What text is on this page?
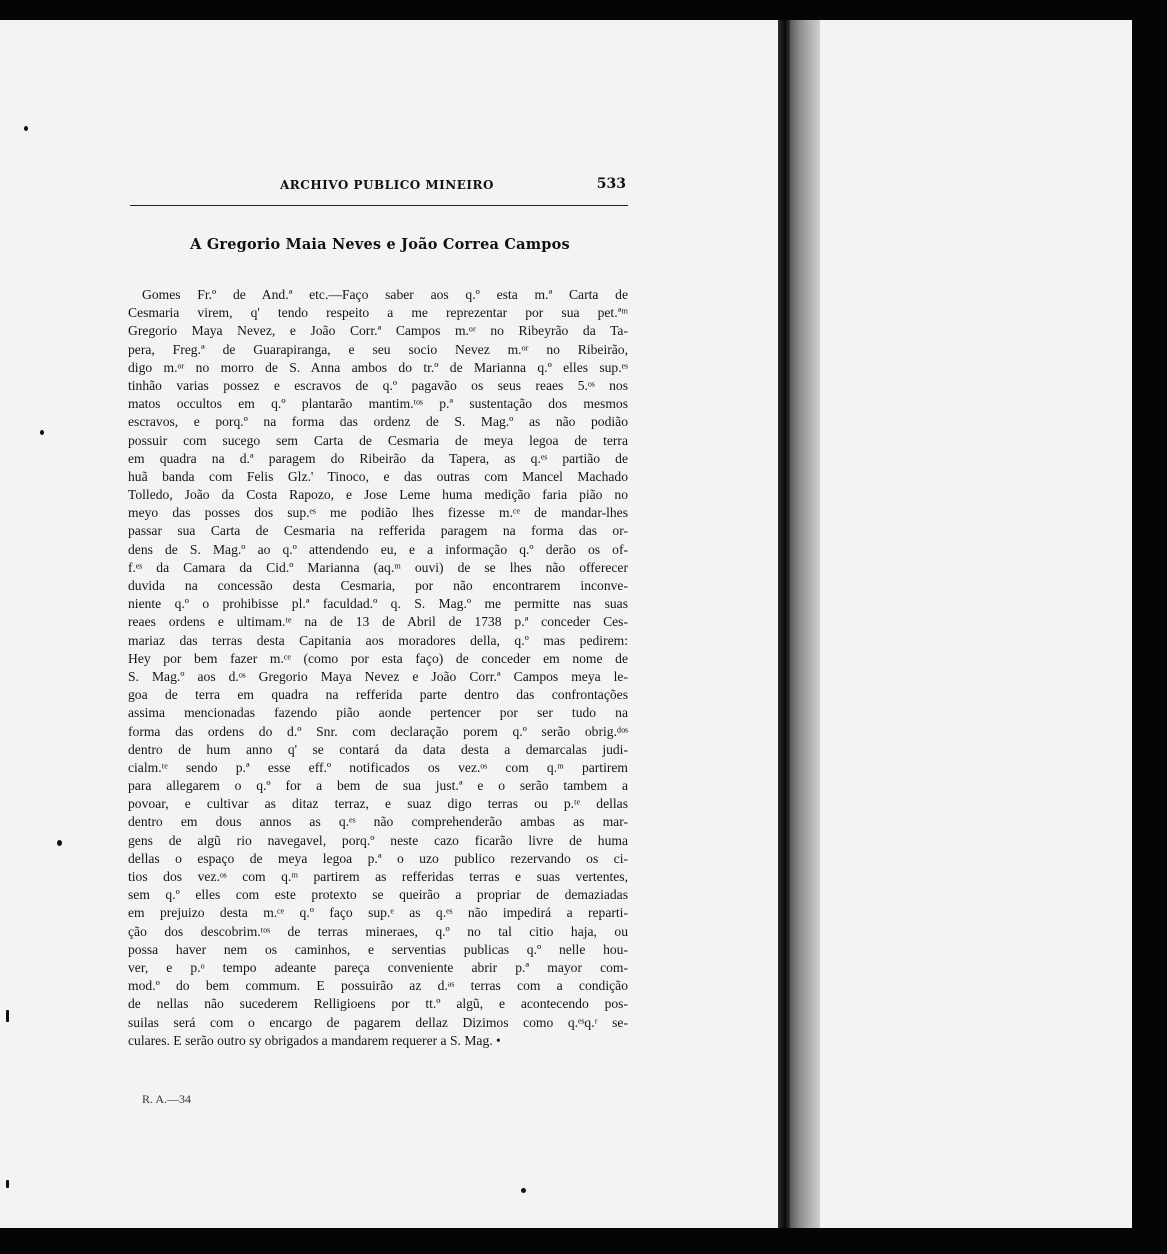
ARCHIVO PUBLICO MINEIRO	533
A Gregorio Maia Neves e João Correa Campos
Gomes Fr.º de And.ª etc.—Faço saber aos q.º esta m.ª Carta de
Cesmaria virem, q' tendo respeito a me reprezentar por sua pet.ªᵐ
Gregorio Maya Nevez, e João Corr.ª Campos m.ᵒʳ no Ribeyrão da Ta-
pera, Freg.ª de Guarapiranga, e seu socio Nevez m.ᵒʳ no Ribeirão,
digo m.ᵒʳ no morro de S. Anna ambos do tr.º de Marianna q.º elles sup.ᵉˢ
tinhão varias possez e escravos de q.º pagavão os seus reaes 5.ᵒˢ nos
matos occultos em q.º plantarão mantim.ᵗᵒˢ p.ª sustentação dos mesmos
escravos, e porq.º na forma das ordenz de S. Mag.º as não podião
possuir com sucego sem Carta de Cesmaria de meya legoa de terra
em quadra na d.ª paragem do Ribeirão da Tapera, as q.ᵉˢ partião de
huã banda com Felis Glz.' Tinoco, e das outras com Mancel Machado
Tolledo, João da Costa Rapozo, e Jose Leme huma medição faria pião no
meyo das posses dos sup.ᵉˢ me podião lhes fizesse m.ᶜᵉ de mandar-lhes
passar sua Carta de Cesmaria na refferida paragem na forma das or-
dens de S. Mag.º ao q.º attendendo eu, e a informação q.º derão os of-
f.ᵉˢ da Camara da Cid.º Marianna (aq.ᵐ ouvi) de se lhes não offerecer
duvida na concessão desta Cesmaria, por não encontrarem inconve-
niente q.º o prohibisse pl.ª faculdad.º q. S. Mag.º me permitte nas suas
reaes ordens e ultimam.ᵗᵉ na de 13 de Abril de 1738 p.ª conceder Ces-
mariaz das terras desta Capitania aos moradores della, q.º mas pedirem:
Hey por bem fazer m.ᶜᵉ (como por esta faço) de conceder em nome de
S. Mag.º aos d.ᵒˢ Gregorio Maya Nevez e João Corr.ª Campos meya le-
goa de terra em quadra na refferida parte dentro das confrontações
assima mencionadas fazendo pião aonde pertencer por ser tudo na
forma das ordens do d.º Snr. com declaração porem q.º serão obrig.ᵈᵒˢ
dentro de hum anno q' se contará da data desta a demarcalas judi-
cialm.ᵗᵉ sendo p.ª esse eff.º notificados os vez.ᵒˢ com q.ᵐ partirem
para allegarem o q.º for a bem de sua just.ª e o serão tambem a
povoar, e cultivar as ditaz terraz, e suaz digo terras ou p.ᵗᵉ dellas
dentro em dous annos as q.ᵉˢ não comprehenderão ambas as mar-
gens de algũ rio navegavel, porq.º neste cazo ficarão livre de huma
dellas o espaço de meya legoa p.ª o uzo publico rezervando os ci-
tios dos vez.ᵒˢ com q.ᵐ partirem as refferidas terras e suas vertentes,
sem q.º elles com este protexto se queirão a propriar de demaziadas
em prejuizo desta m.ᶜᵉ q.º faço sup.ᵉ as q.ᵉˢ não impedirá a reparti-
ção dos descobrim.ᵗᵒˢ de terras mineraes, q.º no tal citio haja, ou
possa haver nem os caminhos, e serventias publicas q.º nelle hou-
ver, e p.ᵒ tempo adeante pareça conveniente abrir p.ª mayor com-
mod.º do bem commum. E possuirão az d.ᵃˢ terras com a condição
de nellas não sucederem Relligioens por tt.º algũ, e acontecendo pos-
suilas será com o encargo de pagarem dellaz Dizimos como q.ᵉˢq.ʳ se-
culares. E serão outro sy obrigados a mandarem requerer a S. Mag. •
R. A.—34
